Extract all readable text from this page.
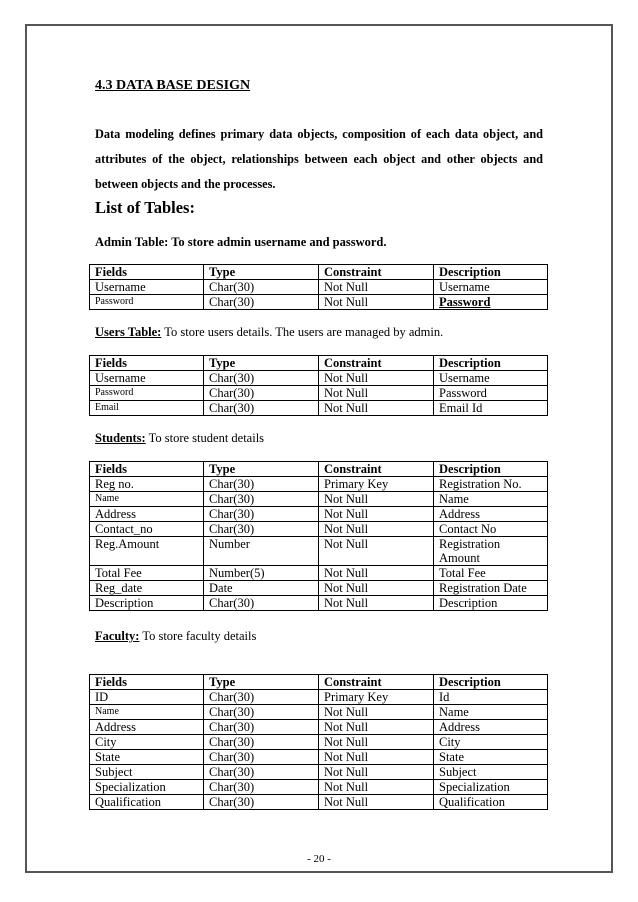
4.3 DATA BASE DESIGN

Data modeling defines primary data objects, composition of each data object, and attributes of the object, relationships between each object and other objects and between objects and the processes.

List of Tables:

Admin Table: To store admin username and password.

Fields	Type	Constraint	Description
Username	Char(30)	Not Null	Username
Password	Char(30)	Not Null	Password

Users Table: To store users details. The users are managed by admin.

Fields	Type	Constraint	Description
Username	Char(30)	Not Null	Username
Password	Char(30)	Not Null	Password
Email	Char(30)	Not Null	Email Id

Students: To store student details

Fields	Type	Constraint	Description
Reg no.	Char(30)	Primary Key	Registration No.
Name	Char(30)	Not Null	Name
Address	Char(30)	Not Null	Address
Contact_no	Char(30)	Not Null	Contact No
Reg.Amount	Number	Not Null	Registration Amount
Total Fee	Number(5)	Not Null	Total Fee
Reg_date	Date	Not Null	Registration Date
Description	Char(30)	Not Null	Description

Faculty: To store faculty details

Fields	Type	Constraint	Description
ID	Char(30)	Primary Key	Id
Name	Char(30)	Not Null	Name
Address	Char(30)	Not Null	Address
City	Char(30)	Not Null	City
State	Char(30)	Not Null	State
Subject	Char(30)	Not Null	Subject
Specialization	Char(30)	Not Null	Specialization
Qualification	Char(30)	Not Null	Qualification

- 20 -
